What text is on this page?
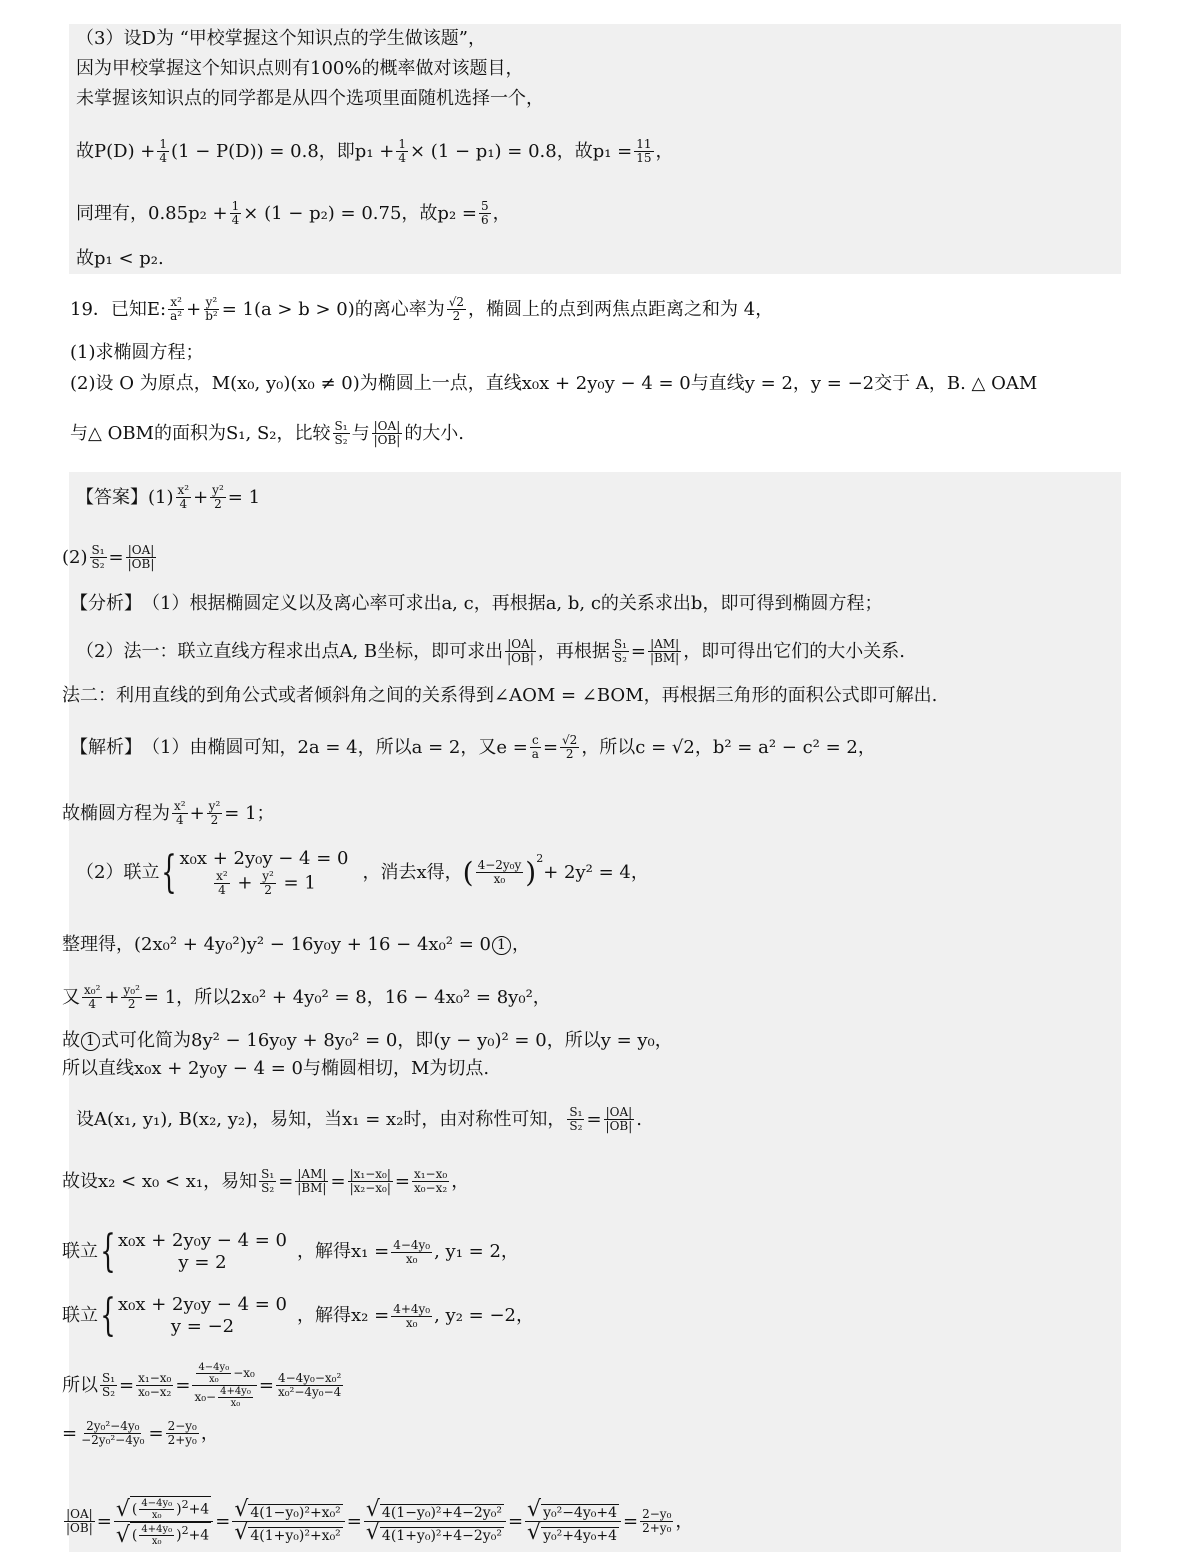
（3）设D为 “甲校掌握这个知识点的学生做该题”，
因为甲校掌握这个知识点则有100%的概率做对该题目，
未掌握该知识点的同学都是从四个选项里面随机选择一个，
故$P(D) + \frac{1}{4} (1 - P(D)) = 0.8$，即$p_1 + \frac{1}{4} \times (1 - p_1) = 0.8$，故$p_1 = \frac{11}{15}$ ，
同理有，$0.85p_2 + \frac{1}{4} \times (1 - p_2) = 0.75$，故$p_2 = \frac{5}{6}$ ，
故p₁ < p₂.
19． 已知E: $\frac{\text{x²}}{\text{a²}} + \frac{\text{y²}}{\text{b²}} = 1(a > b > 0)$的离心率为 $\frac{√2}{2}$ ，椭圆上的点到两焦点距离之和为 4，
(1)求椭圆方程；
(2)设 O 为原点，M(x₀, y₀)(x₀ ≠ 0)为椭圆上一点，直线x₀x + 2y₀y − 4 = 0与直线y = 2，y = −2交于 A，B. △ OAM
与△ OBM的面积为S₁, S₂，比较 $\frac{\text{S₁}}{\text{S₂}}$ 与 $\frac{|OA|}{|OB|}$ 的大小.
【答案】 $(1) \frac{\text{x²}}{4} + \frac{\text{y²}}{2} = 1$
$(2) \frac{\text{S₁}}{\text{S₂}} = \frac{|OA|}{|OB|}$
【分析】 （1）根据椭圆定义以及离心率可求出a, c，再根据a, b, c的关系求出b，即可得到椭圆方程；
（2）法一：联立直线方程求出点A, B坐标，即可求出 $\frac{|OA|}{|OB|}$ ，再根据 $\frac{\text{S₁}}{\text{S₂}} = \frac{|AM|}{|BM|}$ ，即可得出它们的大小关系.
法二：利用直线的到角公式或者倾斜角之间的关系得到∠AOM = ∠BOM，再根据三角形的面积公式即可解出.
【解析】 （1）由椭圆可知，2a = 4，所以a = 2，又$e = \frac{c}{a} = \frac{√2}{2}$ ，所以c = √2，b² = a² − c² = 2，
故椭圆方程为 $\frac{\text{x²}}{4} + \frac{\text{y²}}{2} = 1$；
（2）联立 { x₀x + 2y₀y − 4 = 0
$\frac{\text{x²}}{4} + \frac{\text{y²}}{2} = 1$
，消去x得， ( $\frac{\text{4−2y₀y}}{\text{x₀}} )^2$
+ 2y² = 4，
整理得，(2x₀² + 4y₀²)y² − 16y₀y + 16 − 4x₀² = 0 1 ，
又 $\frac{\text{x₀²}}{4} + \frac{\text{y₀²}}{2} = 1$，所以2x₀² + 4y₀² = 8，16 − 4x₀² = 8y₀²，
故 1 式可化简为8y² − 16y₀y + 8y₀² = 0，即(y − y₀)² = 0，所以y = y₀，
所以直线x₀x + 2y₀y − 4 = 0与椭圆相切，M为切点.
设A(x₁, y₁), B(x₂, y₂)，易知，当x₁ = x₂时，由对称性可知， $\frac{\text{S₁}}{\text{S₂}} = \frac{|OA|}{|OB|}$ .
故设x₂ < x₀ < x₁，易知 $\frac{\text{S₁}}{\text{S₂}} = \frac{|AM|}{|BM|} = \frac{\text{|x₁−x₀|}}{\text{|x₂−x₀|}} = \frac{\text{x₁−x₀}}{\text{x₀−x₂}}$ ，
联立 { x₀x + 2y₀y − 4 = 0
y = 2
，解得$x_1 = \frac{\text{4−4y₀}}{\text{x₀}}$ , y₁ = 2，
联立 { x₀x + 2y₀y − 4 = 0
y = −2
，解得$x_2 = \frac{\text{4+4y₀}}{\text{x₀}}$ , y₂ = −2，
所以 $\frac{\text{S₁}}{\text{S₂}} = \frac{\text{x₁−x₀}}{\text{x₀−x₂}} = \frac{\frac{\text{4−4y₀}}{\text{x₀}} -x_0}{x_0- \frac{\text{4+4y₀}}{\text{x₀}}} = \frac{\text{4−4y₀−x₀²}}{\text{x₀²−4y₀−4}}$
= $\frac{\text{2y₀²−4y₀}}{\text{−2y₀²−4y₀}} = \frac{\text{2−y₀}}{\text{2+y₀}}$ ，
$\frac{|OA|}{|OB|} = \frac{√ ( \frac{\text{4−4y₀}}{\text{x₀}} )^2+4}{√ ( \frac{\text{4+4y₀}}{\text{x₀}} )^2+4} = \frac{\text{√ 4(1−y₀)²+x₀²}}{\text{√ 4(1+y₀)²+x₀²}} = \frac{\text{√ 4(1−y₀)²+4−2y₀²}}{\text{√ 4(1+y₀)²+4−2y₀²}} = \frac{\text{√ y₀²−4y₀+4}}{\text{√ y₀²+4y₀+4}} = \frac{\text{2−y₀}}{\text{2+y₀}}$ ，
